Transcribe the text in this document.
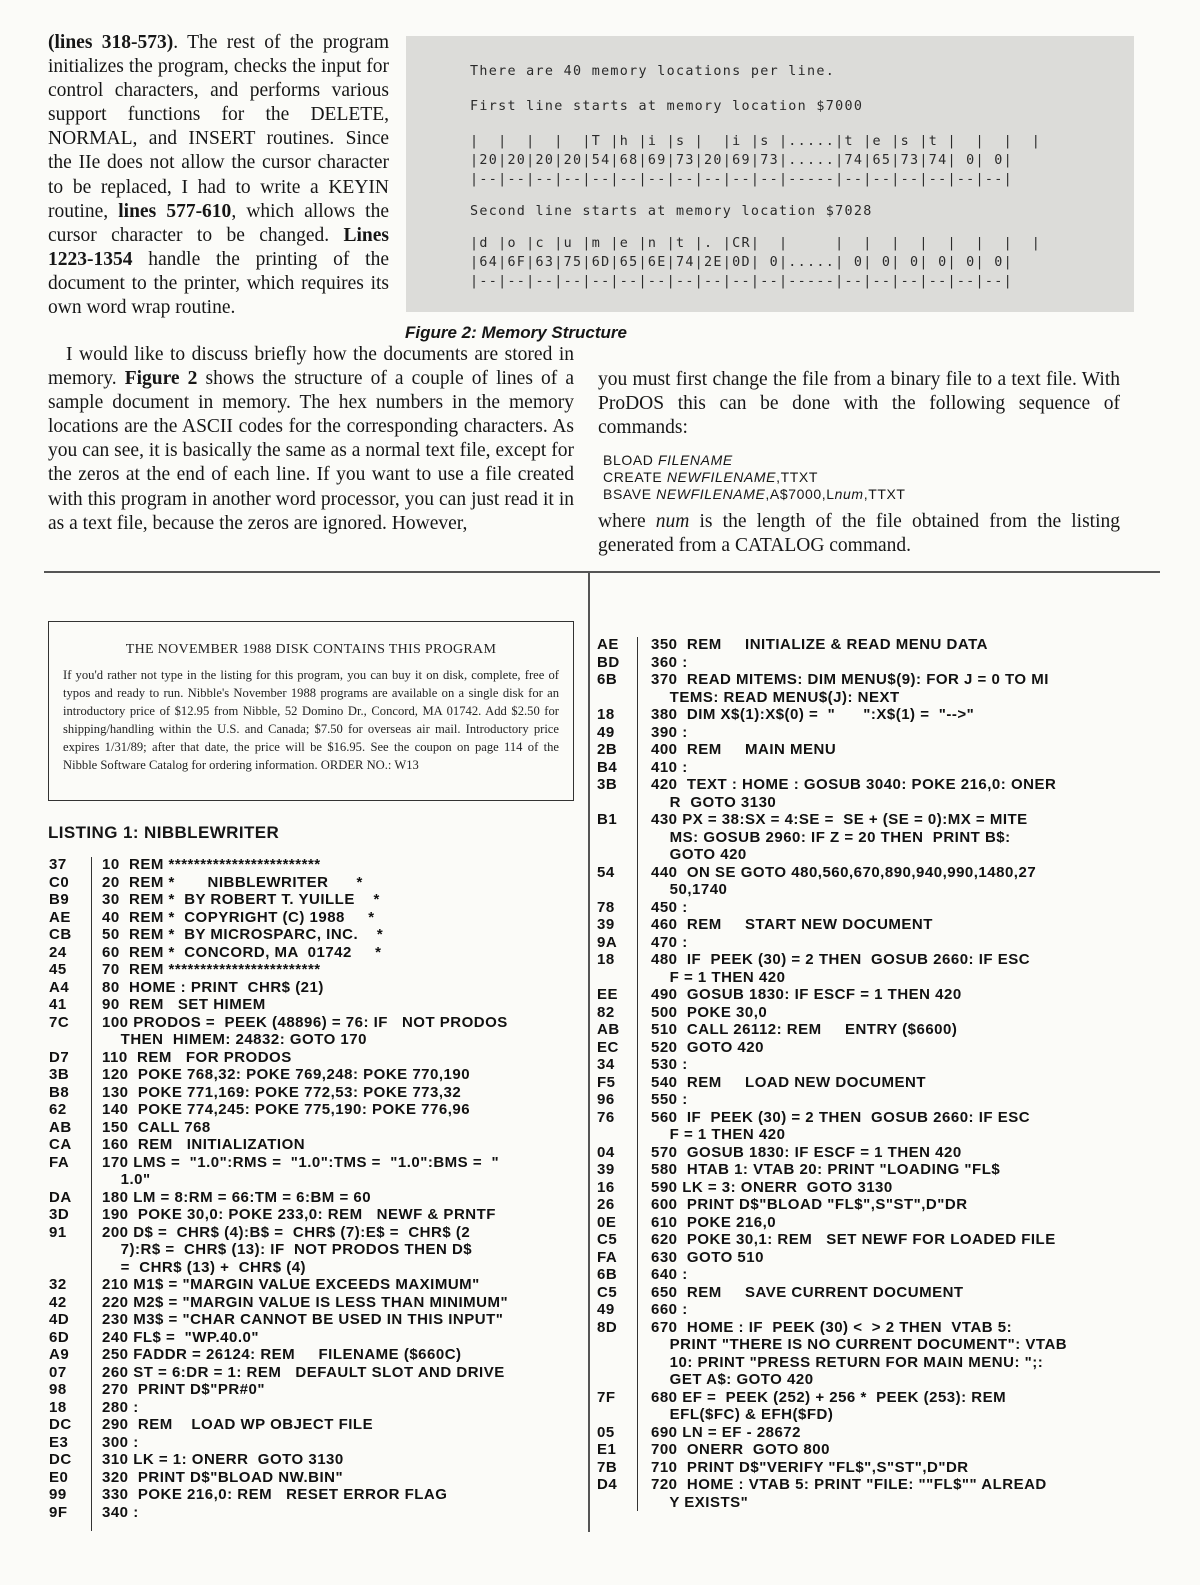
(lines 318-573). The rest of the program initializes the program, checks the input for control characters, and performs various support functions for the DELETE, NORMAL, and INSERT routines. Since the IIe does not allow the cursor character to be replaced, I had to write a KEYIN routine, lines 577-610, which allows the cursor character to be changed. Lines 1223-1354 handle the printing of the document to the printer, which requires its own word wrap routine.

There are 40 memory locations per line.

First line starts at memory location $7000

|  |  |  |  |T |h |i |s |  |i |s |.....|t |e |s |t |  |  |  |

|20|20|20|20|54|68|69|73|20|69|73|.....|74|65|73|74| 0| 0|

|--|--|--|--|--|--|--|--|--|--|--|-----|--|--|--|--|--|--|

Second line starts at memory location $7028

|d |o |c |u |m |e |n |t |. |CR|  |     |  |  |  |  |  |  |  |

|64|6F|63|75|6D|65|6E|74|2E|0D| 0|.....| 0| 0| 0| 0| 0| 0|

|--|--|--|--|--|--|--|--|--|--|--|-----|--|--|--|--|--|--|

Figure 2: Memory Structure

I would like to discuss briefly how the documents are stored in memory. Figure 2 shows the structure of a couple of lines of a sample document in memory. The hex numbers in the memory locations are the ASCII codes for the corresponding characters. As you can see, it is basically the same as a normal text file, except for the zeros at the end of each line. If you want to use a file created with this program in another word processor, you can just read it in as a text file, because the zeros are ignored. However,

you must first change the file from a binary file to a text file. With ProDOS this can be done with the following sequence of commands:

BLOAD FILENAME

CREATE NEWFILENAME,TTXT

BSAVE NEWFILENAME,A$7000,Lnum,TTXT

where num is the length of the file obtained from the listing generated from a CATALOG command.

THE NOVEMBER 1988 DISK CONTAINS THIS PROGRAM

If you'd rather not type in the listing for this program, you can buy it on disk, complete, free of typos and ready to run. Nibble's November 1988 programs are available on a single disk for an introductory price of $12.95 from Nibble, 52 Domino Dr., Concord, MA 01742. Add $2.50 for shipping/handling within the U.S. and Canada; $7.50 for overseas air mail. Introductory price expires 1/31/89; after that date, the price will be $16.95. See the coupon on page 114 of the Nibble Software Catalog for ordering information. ORDER NO.: W13

LISTING 1: NIBBLEWRITER

37 10  REM ************************
C0 20  REM *       NIBBLEWRITER      *
B9 30  REM *  BY ROBERT T. YUILLE    *
AE 40  REM *  COPYRIGHT (C) 1988     *
CB 50  REM *  BY MICROSPARC, INC.    *
24 60  REM *  CONCORD, MA  01742     *
45 70  REM ************************
A4 80  HOME : PRINT  CHR$ (21)
41 90  REM   SET HIMEM
7C 100 PRODOS =  PEEK (48896) = 76: IF   NOT PRODOS
THEN  HIMEM: 24832: GOTO 170
D7 110  REM   FOR PRODOS
3B 120  POKE 768,32: POKE 769,248: POKE 770,190
B8 130  POKE 771,169: POKE 772,53: POKE 773,32
62 140  POKE 774,245: POKE 775,190: POKE 776,96
AB 150  CALL 768
CA 160  REM   INITIALIZATION
FA 170 LMS =  "1.0":RMS =  "1.0":TMS =  "1.0":BMS =  "
1.0"
DA 180 LM = 8:RM = 66:TM = 6:BM = 60
3D 190  POKE 30,0: POKE 233,0: REM   NEWF & PRNTF
91 200 D$ =  CHR$ (4):B$ =  CHR$ (7):E$ =  CHR$ (2
7):R$ =  CHR$ (13): IF  NOT PRODOS THEN D$
=  CHR$ (13) +  CHR$ (4)
32 210 M1$ = "MARGIN VALUE EXCEEDS MAXIMUM"
42 220 M2$ = "MARGIN VALUE IS LESS THAN MINIMUM"
4D 230 M3$ = "CHAR CANNOT BE USED IN THIS INPUT"
6D 240 FL$ =  "WP.40.0"
A9 250 FADDR = 26124: REM     FILENAME ($660C)
07 260 ST = 6:DR = 1: REM   DEFAULT SLOT AND DRIVE
98 270  PRINT D$"PR#0"
18 280 :
DC 290  REM    LOAD WP OBJECT FILE
E3 300 :
DC 310 LK = 1: ONERR  GOTO 3130
E0 320  PRINT D$"BLOAD NW.BIN"
99 330  POKE 216,0: REM   RESET ERROR FLAG
9F 340 :
AE 350  REM     INITIALIZE & READ MENU DATA
BD 360 :
6B 370  READ MITEMS: DIM MENU$(9): FOR J = 0 TO MI
TEMS: READ MENU$(J): NEXT
18 380  DIM X$(1):X$(0) =  "      ":X$(1) =  "-->"
49 390 :
2B 400  REM     MAIN MENU
B4 410 :
3B 420  TEXT : HOME : GOSUB 3040: POKE 216,0: ONER
R  GOTO 3130
B1 430 PX = 38:SX = 4:SE =  SE + (SE = 0):MX = MITE
MS: GOSUB 2960: IF Z = 20 THEN  PRINT B$:
GOTO 420
54 440  ON SE GOTO 480,560,670,890,940,990,1480,27
50,1740
78 450 :
39 460  REM     START NEW DOCUMENT
9A 470 :
18 480  IF  PEEK (30) = 2 THEN  GOSUB 2660: IF ESC
F = 1 THEN 420
EE 490  GOSUB 1830: IF ESCF = 1 THEN 420
82 500  POKE 30,0
AB 510  CALL 26112: REM     ENTRY ($6600)
EC 520  GOTO 420
34 530 :
F5 540  REM     LOAD NEW DOCUMENT
96 550 :
76 560  IF  PEEK (30) = 2 THEN  GOSUB 2660: IF ESC
F = 1 THEN 420
04 570  GOSUB 1830: IF ESCF = 1 THEN 420
39 580  HTAB 1: VTAB 20: PRINT "LOADING "FL$
16 590 LK = 3: ONERR  GOTO 3130
26 600  PRINT D$"BLOAD "FL$",S"ST",D"DR
0E 610  POKE 216,0
C5 620  POKE 30,1: REM   SET NEWF FOR LOADED FILE
FA 630  GOTO 510
6B 640 :
C5 650  REM     SAVE CURRENT DOCUMENT
49 660 :
8D 670  HOME : IF  PEEK (30) <  > 2 THEN  VTAB 5:
PRINT "THERE IS NO CURRENT DOCUMENT": VTAB
10: PRINT "PRESS RETURN FOR MAIN MENU: ";:
GET A$: GOTO 420
7F 680 EF =  PEEK (252) + 256 *  PEEK (253): REM
EFL($FC) & EFH($FD)
05 690 LN = EF - 28672
E1 700  ONERR  GOTO 800
7B 710  PRINT D$"VERIFY "FL$",S"ST",D"DR
D4 720  HOME : VTAB 5: PRINT "FILE: ""FL$"" ALREAD
Y EXISTS"
